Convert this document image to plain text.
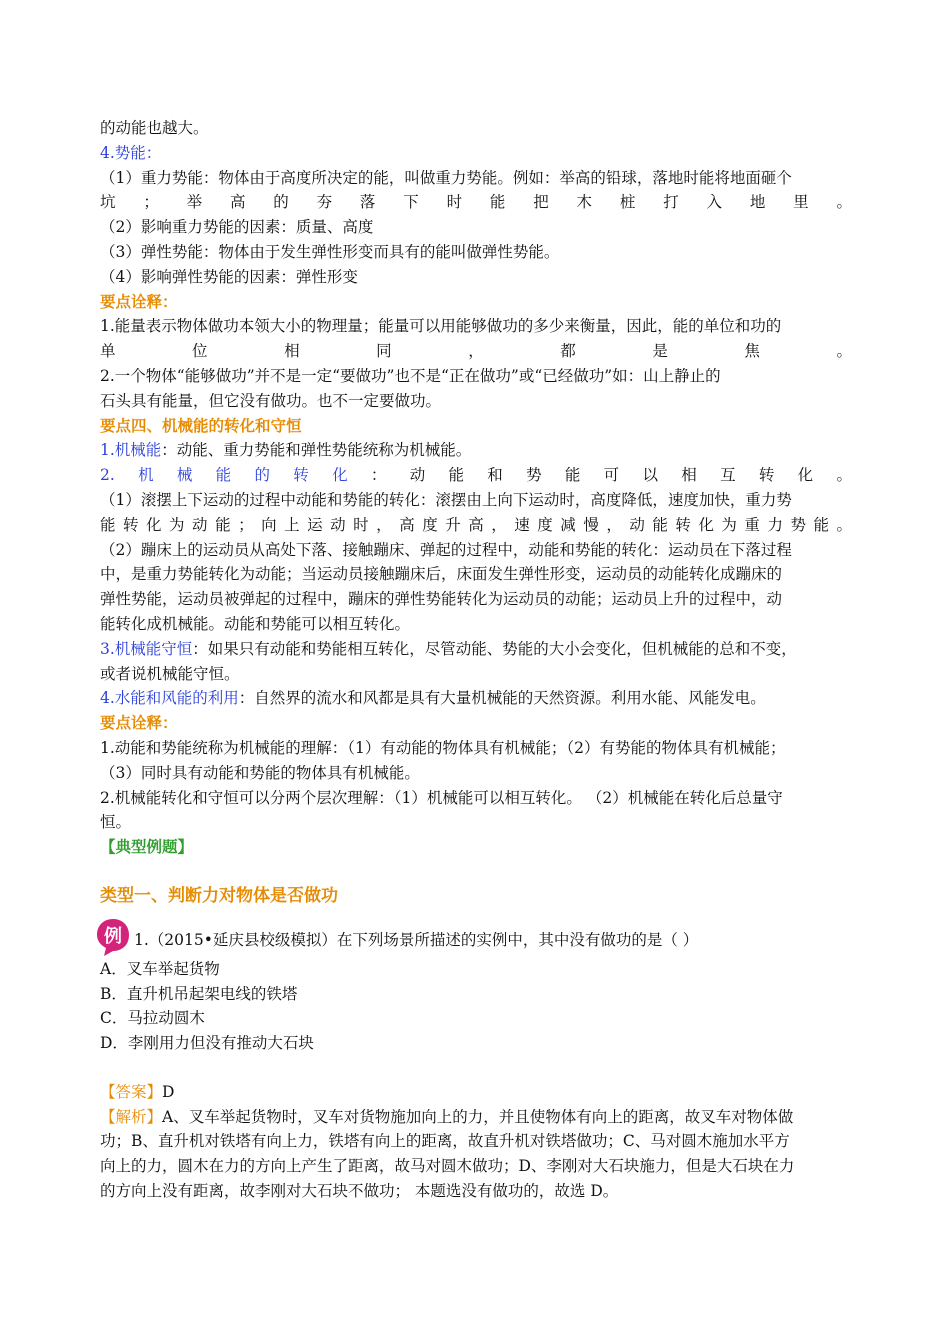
的动能也越大。
4.势能：
（1）重力势能：物体由于高度所决定的能，叫做重力势能。例如：举高的铅球，落地时能将地面砸个
坑；举高的夯落下时能把木桩打入地里。
（2）影响重力势能的因素：质量、高度
（3）弹性势能：物体由于发生弹性形变而具有的能叫做弹性势能。
（4）影响弹性势能的因素：弹性形变
要点诠释：
1.能量表示物体做功本领大小的物理量；能量可以用能够做功的多少来衡量，因此，能的单位和功的
单位相同，都是焦。
2.一个物体“能够做功”并不是一定“要做功”也不是“正在做功”或“已经做功”如：山上静止的
石头具有能量，但它没有做功。也不一定要做功。
要点四、机械能的转化和守恒
1.机械能：动能、重力势能和弹性势能统称为机械能。
2.机械能的转化：动能和势能可以相互转化。
（1）滚摆上下运动的过程中动能和势能的转化：滚摆由上向下运动时，高度降低，速度加快，重力势
能转化为动能；向上运动时，高度升高，速度减慢，动能转化为重力势能。
（2）蹦床上的运动员从高处下落、接触蹦床、弹起的过程中，动能和势能的转化：运动员在下落过程
中，是重力势能转化为动能；当运动员接触蹦床后，床面发生弹性形变，运动员的动能转化成蹦床的
弹性势能，运动员被弹起的过程中，蹦床的弹性势能转化为运动员的动能；运动员上升的过程中，动
能转化成机械能。动能和势能可以相互转化。
3.机械能守恒：如果只有动能和势能相互转化，尽管动能、势能的大小会变化，但机械能的总和不变，
或者说机械能守恒。
4.水能和风能的利用：自然界的流水和风都是具有大量机械能的天然资源。利用水能、风能发电。
要点诠释：
1.动能和势能统称为机械能的理解：（1）有动能的物体具有机械能；（2）有势能的物体具有机械能；
（3）同时具有动能和势能的物体具有机械能。
2.机械能转化和守恒可以分两个层次理解：（1）机械能可以相互转化。 （2）机械能在转化后总量守
恒。
【典型例题】
类型一、判断力对物体是否做功
例 1.（2015•延庆县校级模拟）在下列场景所描述的实例中，其中没有做功的是（ ）
A．叉车举起货物
B．直升机吊起架电线的铁塔
C．马拉动圆木
D．李刚用力但没有推动大石块
【答案】D
【解析】A、叉车举起货物时，叉车对货物施加向上的力，并且使物体有向上的距离，故叉车对物体做
功；B、直升机对铁塔有向上力，铁塔有向上的距离，故直升机对铁塔做功；C、马对圆木施加水平方
向上的力，圆木在力的方向上产生了距离，故马对圆木做功；D、李刚对大石块施力，但是大石块在力
的方向上没有距离，故李刚对大石块不做功； 本题选没有做功的，故选 D。
